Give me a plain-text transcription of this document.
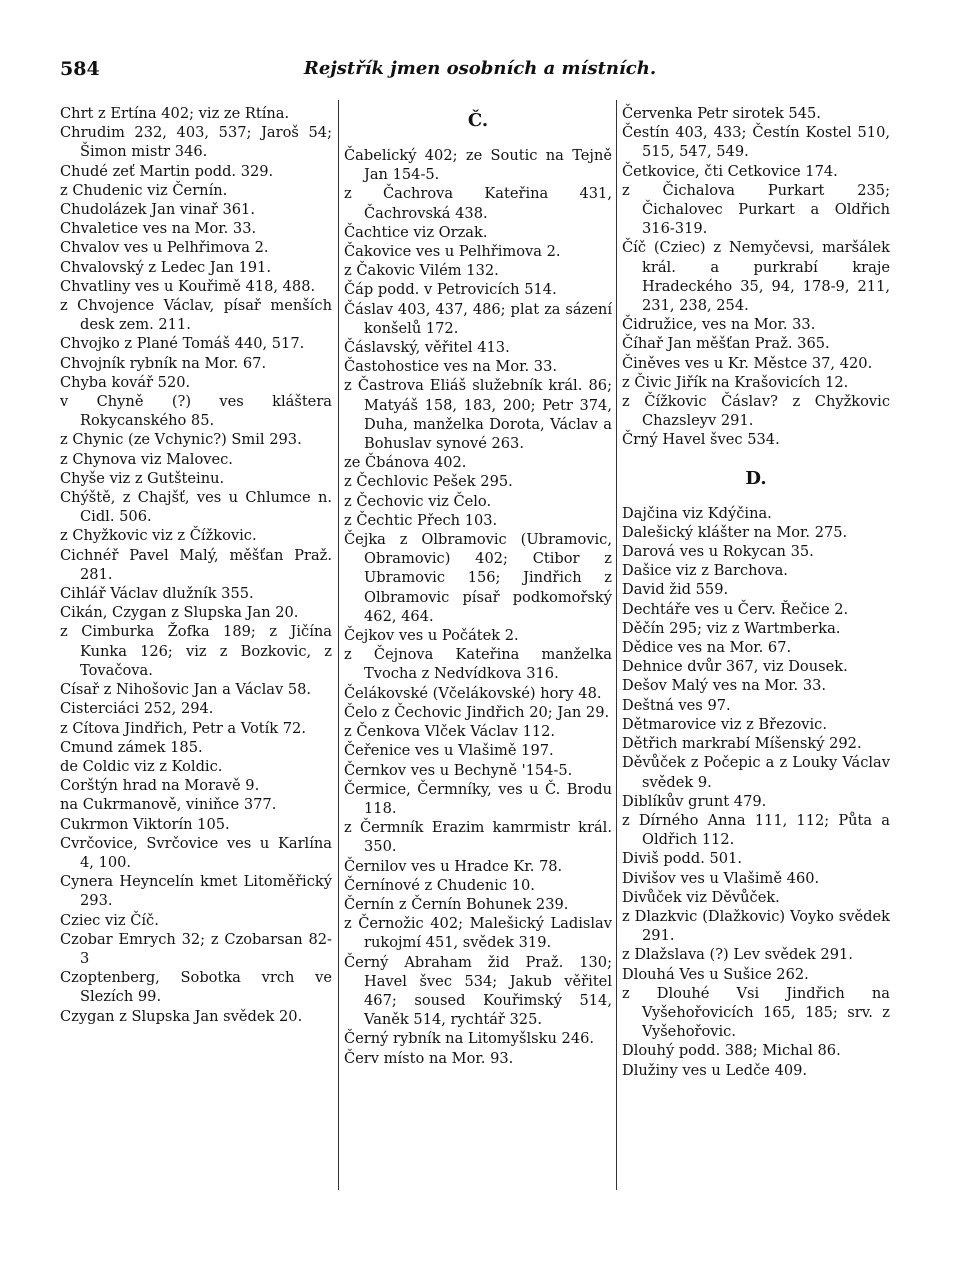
584	Rejstřík jmen osobních a místních.
Chrt z Ertína 402; viz ze Rtína.
Chrudim 232, 403, 537; Jaroš 54; Šimon mistr 346.
Chudé zeť Martin podd. 329.
z Chudenic viz Černín.
Chudolázek Jan vinař 361.
Chvaletice ves na Mor. 33.
Chvalov ves u Pelhřimova 2.
Chvalovský z Ledec Jan 191.
Chvatliny ves u Kouřimě 418, 488.
z Chvojence Václav, písař menších desk zem. 211.
Chvojko z Plané Tomáš 440, 517.
Chvojník rybník na Mor. 67.
Chyba kovář 520.
v Chyně (?) ves kláštera Rokycanského 85.
z Chynic (ze Vchynic?) Smil 293.
z Chynova viz Malovec.
Chyše viz z Gutšteinu.
Chýště, z Chajšť, ves u Chlumce n. Cidl. 506.
z Chyžkovic viz z Čížkovic.
Cichnéř Pavel Malý, měšťan Praž. 281.
Cihlář Václav dlužník 355.
Cikán, Czygan z Slupska Jan 20.
z Cimburka Žofka 189; z Jičína Kunka 126; viz z Bozkovic, z Tovačova.
Císař z Nihošovic Jan a Václav 58.
Cisterciáci 252, 294.
z Cítova Jindřich, Petr a Votík 72.
Cmund zámek 185.
de Coldic viz z Koldic.
Corštýn hrad na Moravě 9.
na Cukrmanově, viniňce 377.
Cukrmon Viktorín 105.
Cvrčovice, Svrčovice ves u Karlína 4, 100.
Cynera Heyncelín kmet Litoměřický 293.
Cziec viz Číč.
Czobar Emrych 32; z Czobarsan 82-3
Czoptenberg, Sobotka vrch ve Slezích 99.
Czygan z Slupska Jan svědek 20.
Č.
Čabelický 402; ze Soutic na Tejně Jan 154-5.
z Čachrova Kateřina 431, Čachrovská 438.
Čachtice viz Orzak.
Čakovice ves u Pelhřimova 2.
z Čakovic Vilém 132.
Čáp podd. v Petrovicích 514.
Čáslav 403, 437, 486; plat za sázení konšelů 172.
Čáslavský, věřitel 413.
Častohostice ves na Mor. 33.
z Častrova Eliáš služebník král. 86; Matyáš 158, 183, 200; Petr 374, Duha, manželka Dorota, Václav a Bohuslav synové 263.
ze Čbánova 402.
z Čechlovic Pešek 295.
z Čechovic viz Čelo.
z Čechtic Přech 103.
Čejka z Olbramovic (Ubramovic, Obramovic) 402; Ctibor z Ubramovic 156; Jindřich z Olbramovic písař podkomořský 462, 464.
Čejkov ves u Počátek 2.
z Čejnova Kateřina manželka Tvocha z Nedvídkova 316.
Čelákovské (Včelákovské) hory 48.
Čelo z Čechovic Jindřich 20; Jan 29.
z Čenkova Vlček Václav 112.
Čeřenice ves u Vlašimě 197.
Černkov ves u Bechyně '154-5.
Čermice, Čermníky, ves u Č. Brodu 118.
z Čermník Erazim kamrmistr král. 350.
Černilov ves u Hradce Kr. 78.
Černínové z Chudenic 10.
Černín z Černín Bohunek 239.
z Černožic 402; Malešický Ladislav rukojmí 451, svědek 319.
Černý Abraham žid Praž. 130; Havel švec 534; Jakub věřitel 467; soused Kouřimský 514, Vaněk 514, rychtář 325.
Černý rybník na Litomyšlsku 246.
Červ místo na Mor. 93.
Červenka Petr sirotek 545.
Čestín 403, 433; Čestín Kostel 510, 515, 547, 549.
Četkovice, čti Cetkovice 174.
z Čichalova Purkart 235; Čichalovec Purkart a Oldřich 316-319.
Číč (Cziec) z Nemyčevsi, maršálek král. a purkrabí kraje Hradeckého 35, 94, 178-9, 211, 231, 238, 254.
Čidružice, ves na Mor. 33.
Číhař Jan měšťan Praž. 365.
Činěves ves u Kr. Městce 37, 420.
z Čivic Jiřík na Krašovicích 12.
z Čížkovic Čáslav? z Chyžkovic Chazsleyv 291.
Črný Havel švec 534.
D.
Dajčina viz Kdýčina.
Dalešický klášter na Mor. 275.
Darová ves u Rokycan 35.
Dašice viz z Barchova.
David žid 559.
Dechtáře ves u Červ. Řečice 2.
Děčín 295; viz z Wartmberka.
Dědice ves na Mor. 67.
Dehnice dvůr 367, viz Dousek.
Dešov Malý ves na Mor. 33.
Deštná ves 97.
Dětmarovice viz z Březovic.
Dětřich markrabí Míšenský 292.
Děvůček z Počepic a z Louky Václav svědek 9.
Diblíkův grunt 479.
z Dírného Anna 111, 112; Půta a Oldřich 112.
Diviš podd. 501.
Divišov ves u Vlašimě 460.
Divůček viz Děvůček.
z Dlazkvic (Dlažkovic) Voyko svědek 291.
z Dlažslava (?) Lev svědek 291.
Dlouhá Ves u Sušice 262.
z Dlouhé Vsi Jindřich na Vyšehořovicích 165, 185; srv. z Vyšehořovic.
Dlouhý podd. 388; Michal 86.
Dlužiny ves u Ledče 409.
